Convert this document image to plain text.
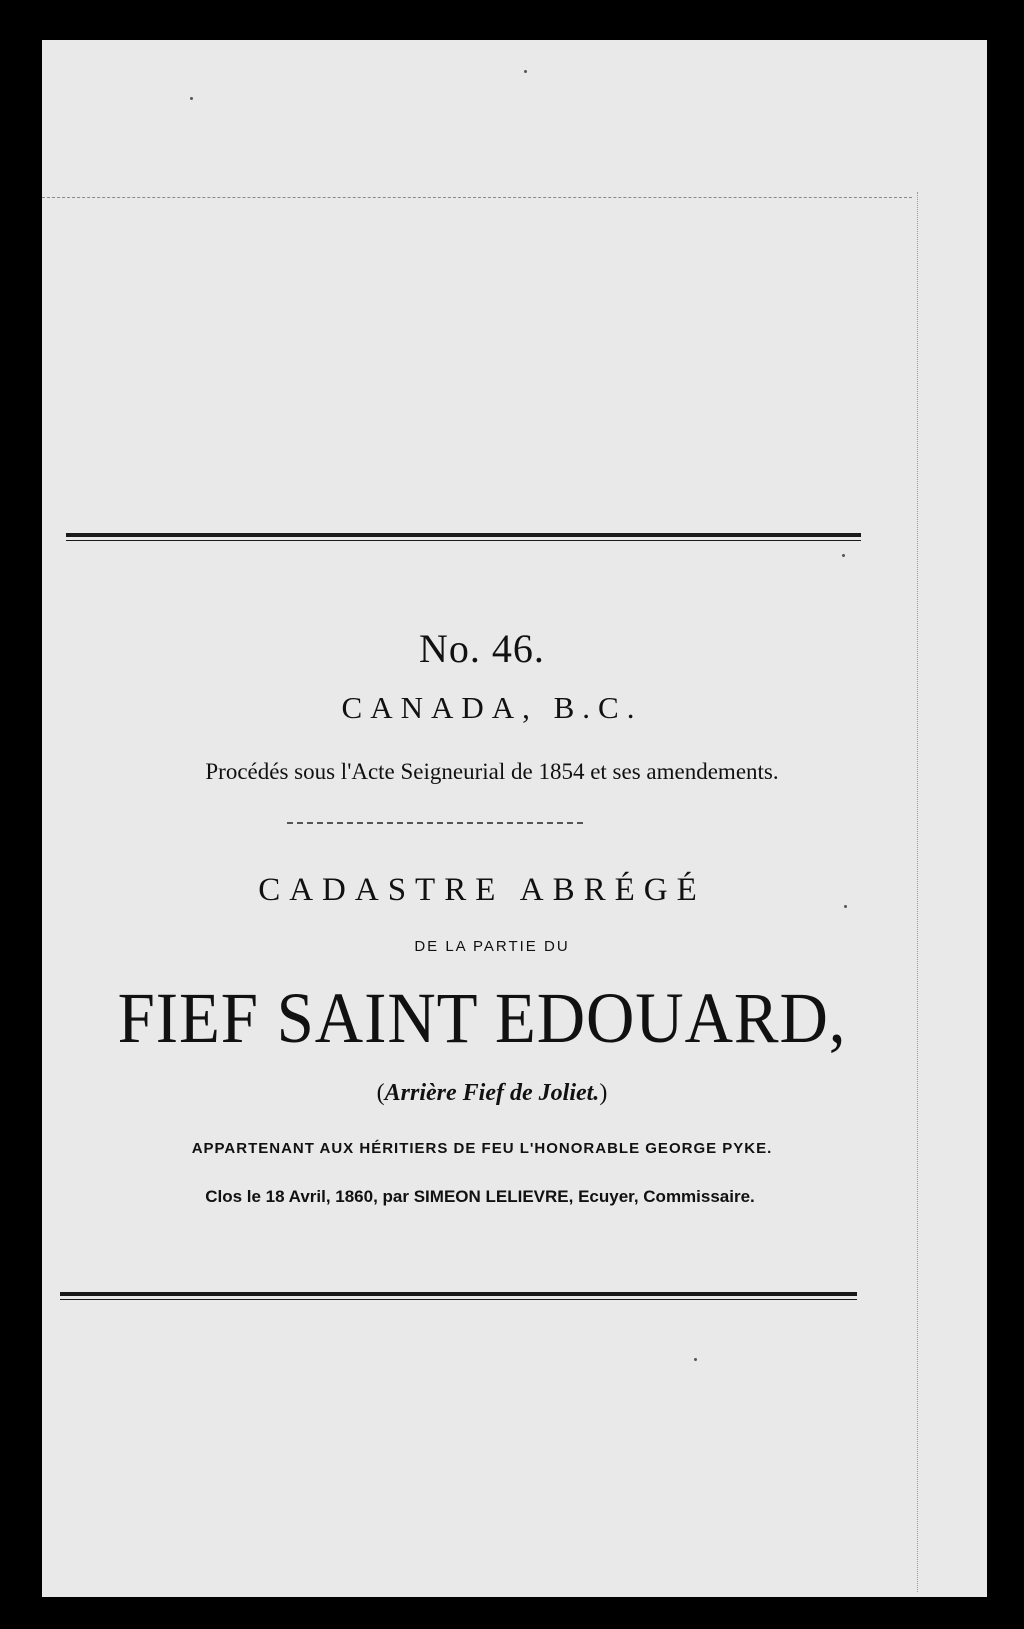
No. 46.
CANADA, B.C.
Procédés sous l'Acte Seigneurial de 1854 et ses amendements.
CADASTRE ABRÉGÉ
DE LA PARTIE DU
FIEF SAINT EDOUARD,
(Arrière Fief de Joliet.)
APPARTENANT AUX HÉRITIERS DE FEU L'HONORABLE GEORGE PYKE.
Clos le 18 Avril, 1860, par SIMEON LELIEVRE, Ecuyer, Commissaire.
